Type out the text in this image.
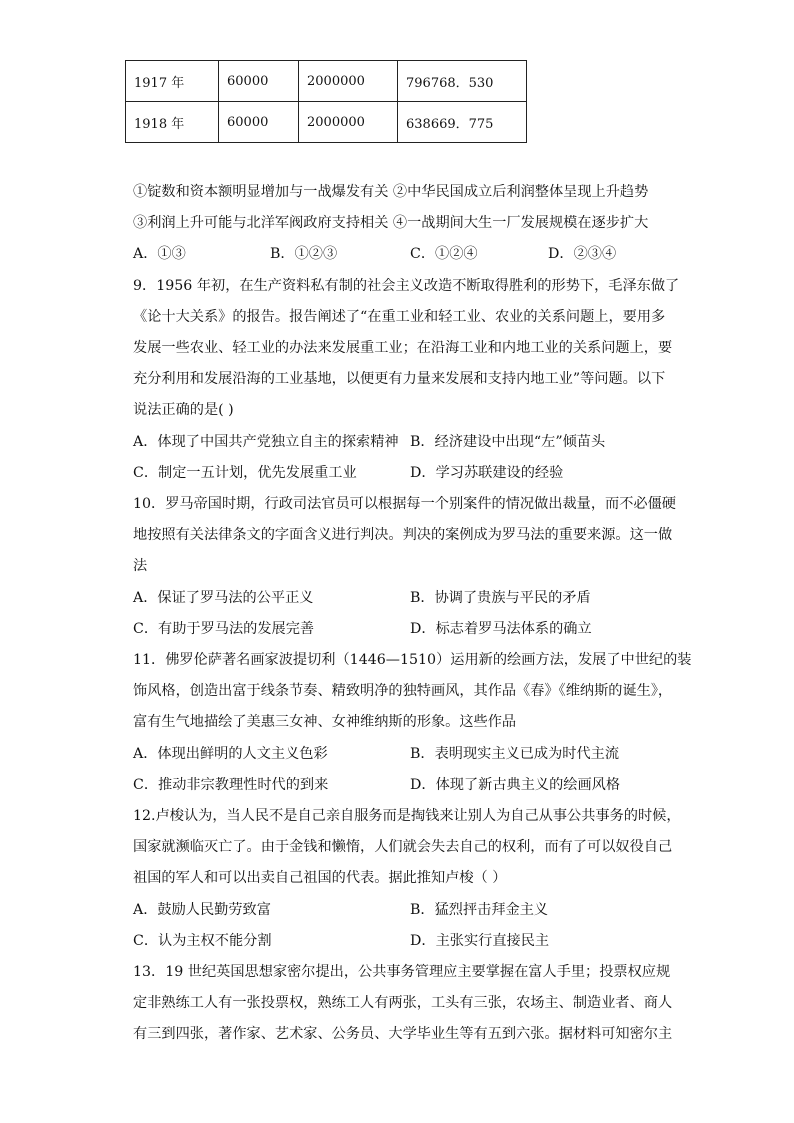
1917 年	60000	2000000	796768．530
1918 年	60000	2000000	638669．775
①锭数和资本额明显增加与一战爆发有关 ②中华民国成立后利润整体呈现上升趋势
③利润上升可能与北洋军阀政府支持相关 ④一战期间大生一厂发展规模在逐步扩大
A．①③	B．①②③	C．①②④	D．②③④
9．1956 年初，在生产资料私有制的社会主义改造不断取得胜利的形势下，毛泽东做了
《论十大关系》的报告。报告阐述了“在重工业和轻工业、农业的关系问题上，要用多
发展一些农业、轻工业的办法来发展重工业；在沿海工业和内地工业的关系问题上，要
充分利用和发展沿海的工业基地，以便更有力量来发展和支持内地工业”等问题。以下
说法正确的是( )
A．体现了中国共产党独立自主的探索精神 B．经济建设中出现“左”倾苗头
C．制定一五计划，优先发展重工业	D．学习苏联建设的经验
10．罗马帝国时期，行政司法官员可以根据每一个别案件的情况做出裁量，而不必僵硬
地按照有关法律条文的字面含义进行判决。判决的案例成为罗马法的重要来源。这一做
法
A．保证了罗马法的公平正义	B．协调了贵族与平民的矛盾
C．有助于罗马法的发展完善	D．标志着罗马法体系的确立
11．佛罗伦萨著名画家波提切利（1446—1510）运用新的绘画方法，发展了中世纪的装
饰风格，创造出富于线条节奏、精致明净的独特画风，其作品《春》《维纳斯的诞生》，
富有生气地描绘了美惠三女神、女神维纳斯的形象。这些作品
A．体现出鲜明的人文主义色彩	B．表明现实主义已成为时代主流
C．推动非宗教理性时代的到来	D．体现了新古典主义的绘画风格
12.卢梭认为，当人民不是自己亲自服务而是掏钱来让别人为自己从事公共事务的时候，
国家就濒临灭亡了。由于金钱和懒惰，人们就会失去自己的权利，而有了可以奴役自己
祖国的军人和可以出卖自己祖国的代表。据此推知卢梭（ ）
A．鼓励人民勤劳致富	B．猛烈抨击拜金主义
C．认为主权不能分割	D．主张实行直接民主
13．19 世纪英国思想家密尔提出，公共事务管理应主要掌握在富人手里；投票权应规
定非熟练工人有一张投票权，熟练工人有两张，工头有三张，农场主、制造业者、商人
有三到四张，著作家、艺术家、公务员、大学毕业生等有五到六张。据材料可知密尔主
